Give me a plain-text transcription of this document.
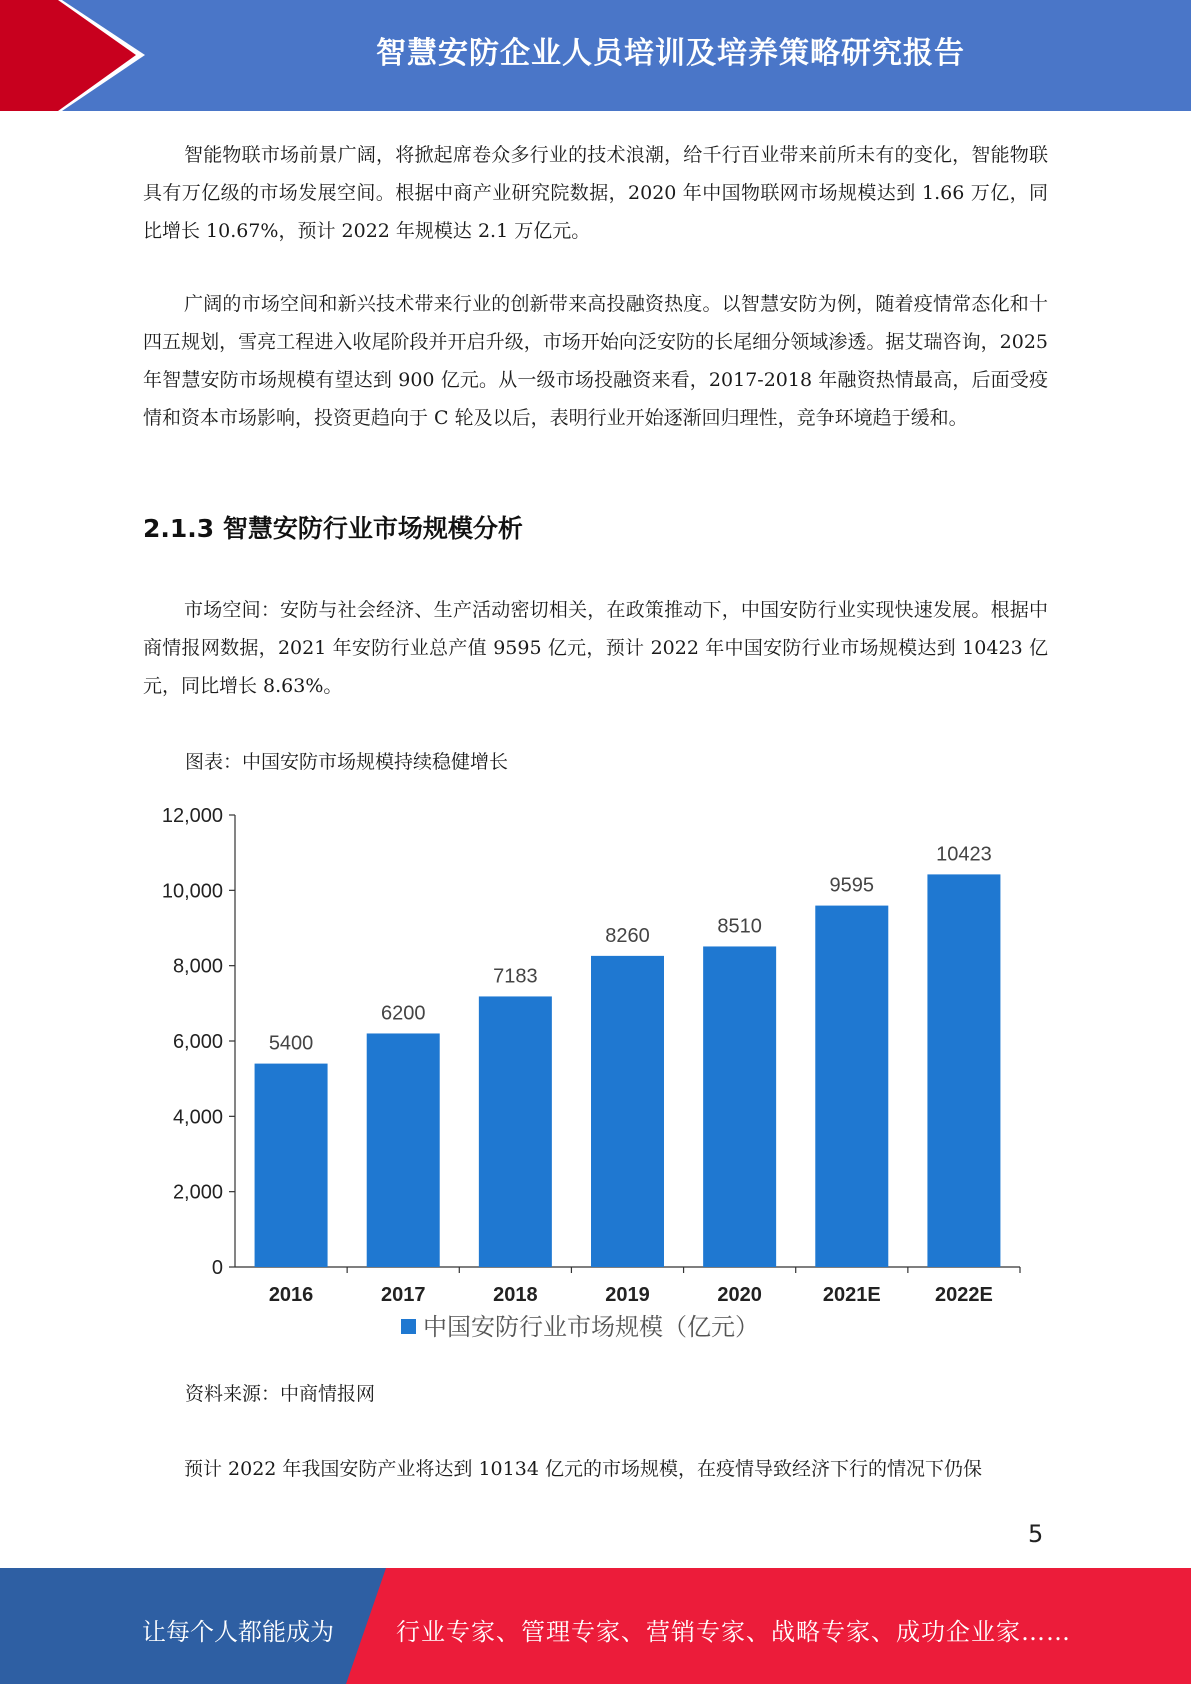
智慧安防企业人员培训及培养策略研究报告

智能物联市场前景广阔，将掀起席卷众多行业的技术浪潮，给千行百业带来前所未有的变化，智能物联具有万亿级的市场发展空间。根据中商产业研究院数据，2020 年中国物联网市场规模达到 1.66 万亿，同比增长 10.67%，预计 2022 年规模达 2.1 万亿元。

广阔的市场空间和新兴技术带来行业的创新带来高投融资热度。以智慧安防为例，随着疫情常态化和十四五规划，雪亮工程进入收尾阶段并开启升级，市场开始向泛安防的长尾细分领域渗透。据艾瑞咨询，2025 年智慧安防市场规模有望达到 900 亿元。从一级市场投融资来看，2017-2018 年融资热情最高，后面受疫情和资本市场影响，投资更趋向于 C 轮及以后，表明行业开始逐渐回归理性，竞争环境趋于缓和。

2.1.3 智慧安防行业市场规模分析

市场空间：安防与社会经济、生产活动密切相关，在政策推动下，中国安防行业实现快速发展。根据中商情报网数据，2021 年安防行业总产值 9595 亿元，预计 2022 年中国安防行业市场规模达到 10423 亿元，同比增长 8.63%。

图表：中国安防市场规模持续稳健增长

0
2,000
4,000
6,000
8,000
10,000
12,000
5400
2016
6200
2017
7183
2018
8260
2019
8510
2020
9595
2021E
10423
2022E
中国安防行业市场规模（亿元）

资料来源：中商情报网

预计 2022 年我国安防产业将达到 10134 亿元的市场规模，在疫情导致经济下行的情况下仍保

5
让每个人都能成为	行业专家、管理专家、营销专家、战略专家、成功企业家……
